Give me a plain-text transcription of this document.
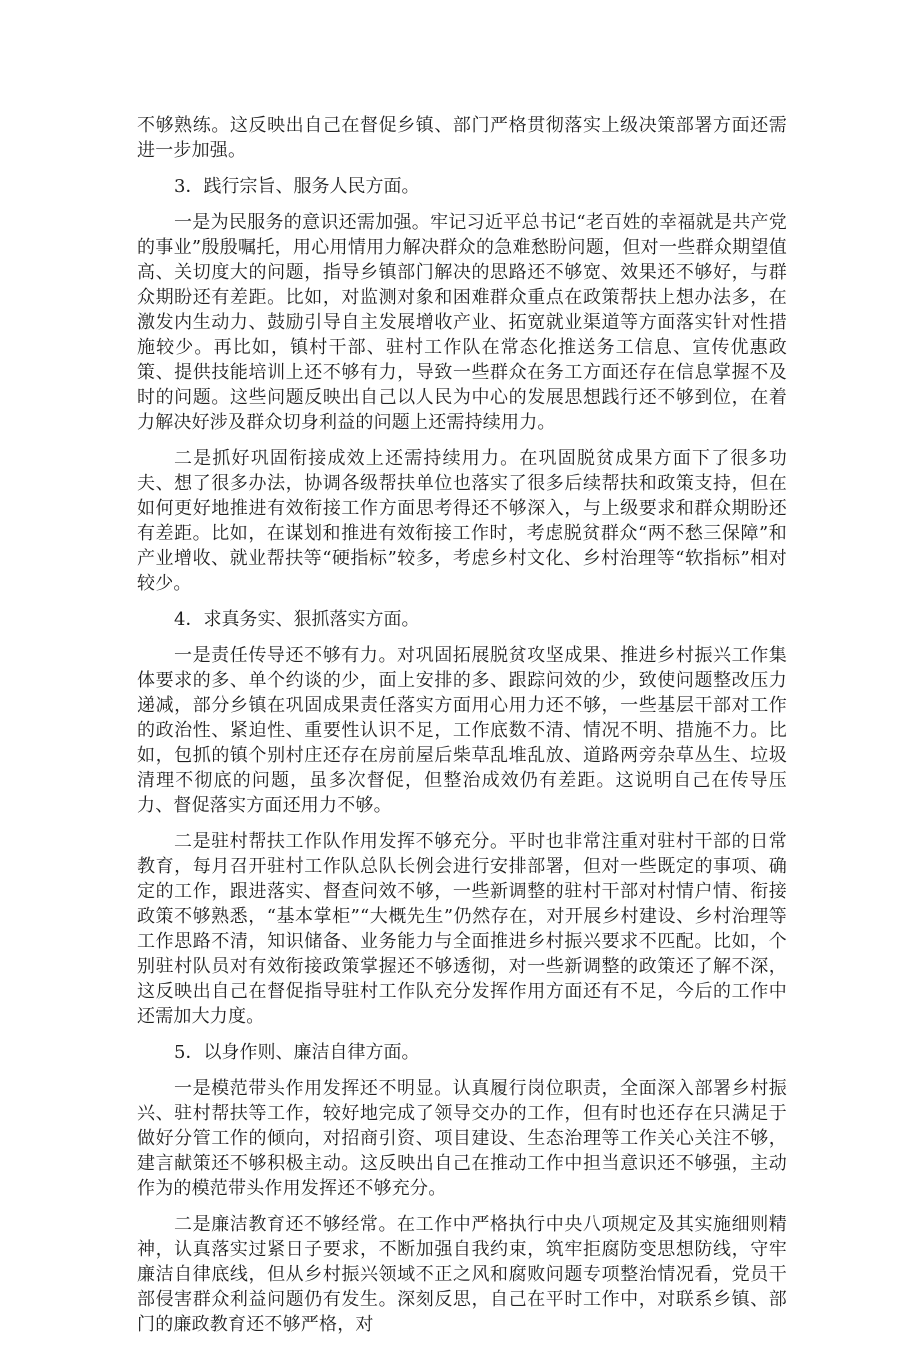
不够熟练。这反映出自己在督促乡镇、部门严格贯彻落实上级决策部署方面还需进一步加强。

3．践行宗旨、服务人民方面。

一是为民服务的意识还需加强。牢记习近平总书记“老百姓的幸福就是共产党的事业”殷殷嘱托，用心用情用力解决群众的急难愁盼问题，但对一些群众期望值高、关切度大的问题，指导乡镇部门解决的思路还不够宽、效果还不够好，与群众期盼还有差距。比如，对监测对象和困难群众重点在政策帮扶上想办法多，在激发内生动力、鼓励引导自主发展增收产业、拓宽就业渠道等方面落实针对性措施较少。再比如，镇村干部、驻村工作队在常态化推送务工信息、宣传优惠政策、提供技能培训上还不够有力，导致一些群众在务工方面还存在信息掌握不及时的问题。这些问题反映出自己以人民为中心的发展思想践行还不够到位，在着力解决好涉及群众切身利益的问题上还需持续用力。

二是抓好巩固衔接成效上还需持续用力。在巩固脱贫成果方面下了很多功夫、想了很多办法，协调各级帮扶单位也落实了很多后续帮扶和政策支持，但在如何更好地推进有效衔接工作方面思考得还不够深入，与上级要求和群众期盼还有差距。比如，在谋划和推进有效衔接工作时，考虑脱贫群众“两不愁三保障”和产业增收、就业帮扶等“硬指标”较多，考虑乡村文化、乡村治理等“软指标”相对较少。

4．求真务实、狠抓落实方面。

一是责任传导还不够有力。对巩固拓展脱贫攻坚成果、推进乡村振兴工作集体要求的多、单个约谈的少，面上安排的多、跟踪问效的少，致使问题整改压力递减，部分乡镇在巩固成果责任落实方面用心用力还不够，一些基层干部对工作的政治性、紧迫性、重要性认识不足，工作底数不清、情况不明、措施不力。比如，包抓的镇个别村庄还存在房前屋后柴草乱堆乱放、道路两旁杂草丛生、垃圾清理不彻底的问题，虽多次督促，但整治成效仍有差距。这说明自己在传导压力、督促落实方面还用力不够。

二是驻村帮扶工作队作用发挥不够充分。平时也非常注重对驻村干部的日常教育，每月召开驻村工作队总队长例会进行安排部署，但对一些既定的事项、确定的工作，跟进落实、督查问效不够，一些新调整的驻村干部对村情户情、衔接政策不够熟悉，“基本掌柜”“大概先生”仍然存在，对开展乡村建设、乡村治理等工作思路不清，知识储备、业务能力与全面推进乡村振兴要求不匹配。比如，个别驻村队员对有效衔接政策掌握还不够透彻，对一些新调整的政策还了解不深，这反映出自己在督促指导驻村工作队充分发挥作用方面还有不足，今后的工作中还需加大力度。

5．以身作则、廉洁自律方面。

一是模范带头作用发挥还不明显。认真履行岗位职责，全面深入部署乡村振兴、驻村帮扶等工作，较好地完成了领导交办的工作，但有时也还存在只满足于做好分管工作的倾向，对招商引资、项目建设、生态治理等工作关心关注不够，建言献策还不够积极主动。这反映出自己在推动工作中担当意识还不够强，主动作为的模范带头作用发挥还不够充分。

二是廉洁教育还不够经常。在工作中严格执行中央八项规定及其实施细则精神，认真落实过紧日子要求，不断加强自我约束，筑牢拒腐防变思想防线，守牢廉洁自律底线，但从乡村振兴领域不正之风和腐败问题专项整治情况看，党员干部侵害群众利益问题仍有发生。深刻反思，自己在平时工作中，对联系乡镇、部门的廉政教育还不够严格，对
